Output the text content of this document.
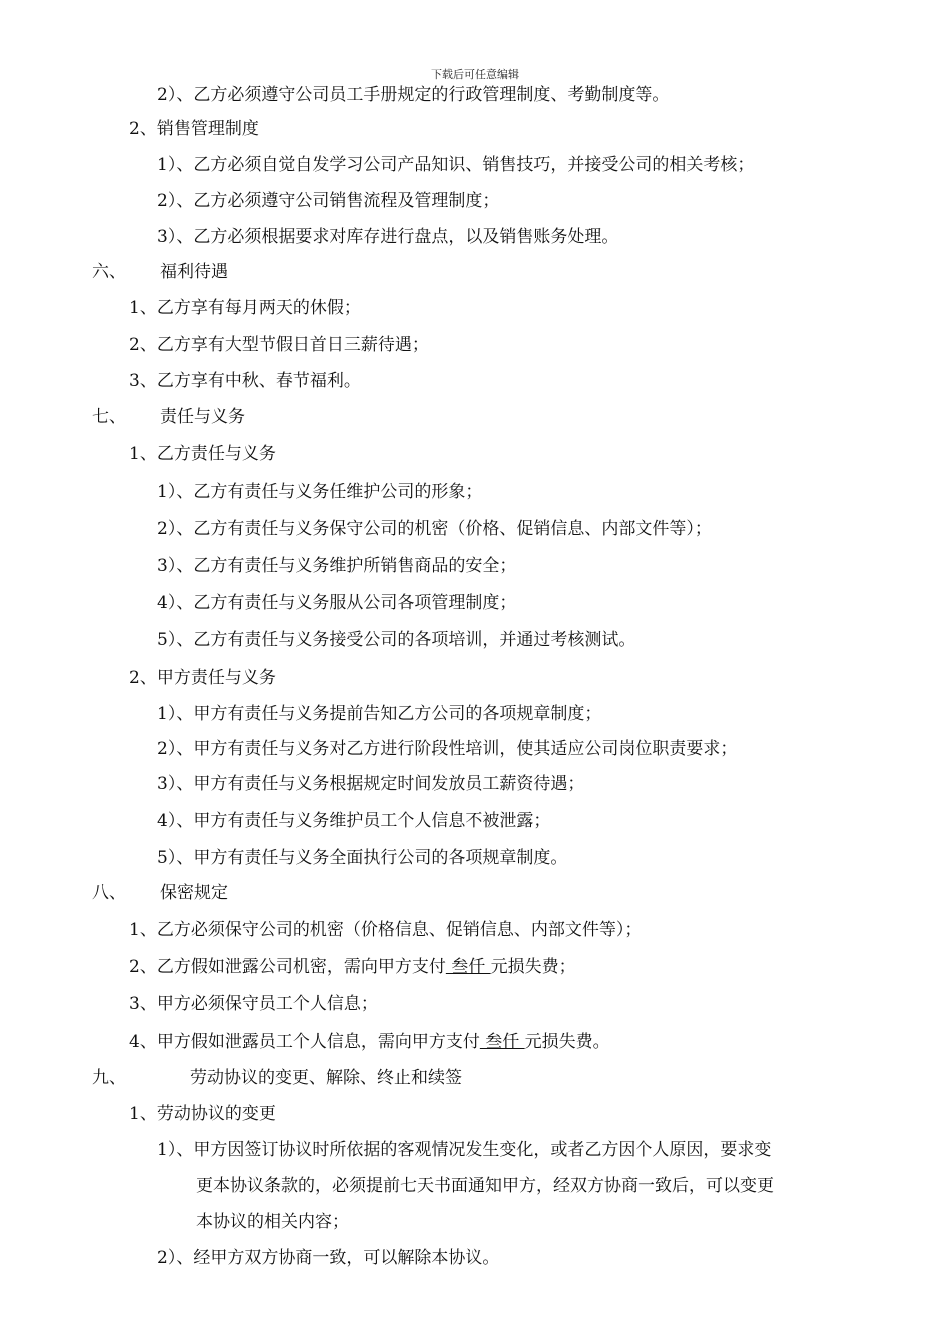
下载后可任意编辑
2）、乙方必须遵守公司员工手册规定的行政管理制度、考勤制度等。
2、销售管理制度
1）、乙方必须自觉自发学习公司产品知识、销售技巧，并接受公司的相关考核；
2）、乙方必须遵守公司销售流程及管理制度；
3）、乙方必须根据要求对库存进行盘点，以及销售账务处理。
六、 福利待遇
1、乙方享有每月两天的休假；
2、乙方享有大型节假日首日三薪待遇；
3、乙方享有中秋、春节福利。
七、 责任与义务
1、乙方责任与义务
1）、乙方有责任与义务任维护公司的形象；
2）、乙方有责任与义务保守公司的机密（价格、促销信息、内部文件等）；
3）、乙方有责任与义务维护所销售商品的安全；
4）、乙方有责任与义务服从公司各项管理制度；
5）、乙方有责任与义务接受公司的各项培训，并通过考核测试。
2、甲方责任与义务
1）、甲方有责任与义务提前告知乙方公司的各项规章制度；
2）、甲方有责任与义务对乙方进行阶段性培训，使其适应公司岗位职责要求；
3）、甲方有责任与义务根据规定时间发放员工薪资待遇；
4）、甲方有责任与义务维护员工个人信息不被泄露；
5）、甲方有责任与义务全面执行公司的各项规章制度。
八、 保密规定
1、乙方必须保守公司的机密（价格信息、促销信息、内部文件等）；
2、乙方假如泄露公司机密，需向甲方支付 叁仟 元损失费；
3、甲方必须保守员工个人信息；
4、甲方假如泄露员工个人信息，需向甲方支付 叁仟 元损失费。
九、	劳动协议的变更、解除、终止和续签
1、劳动协议的变更
1）、甲方因签订协议时所依据的客观情况发生变化，或者乙方因个人原因，要求变
更本协议条款的，必须提前七天书面通知甲方，经双方协商一致后，可以变更
本协议的相关内容；
2）、经甲方双方协商一致，可以解除本协议。
